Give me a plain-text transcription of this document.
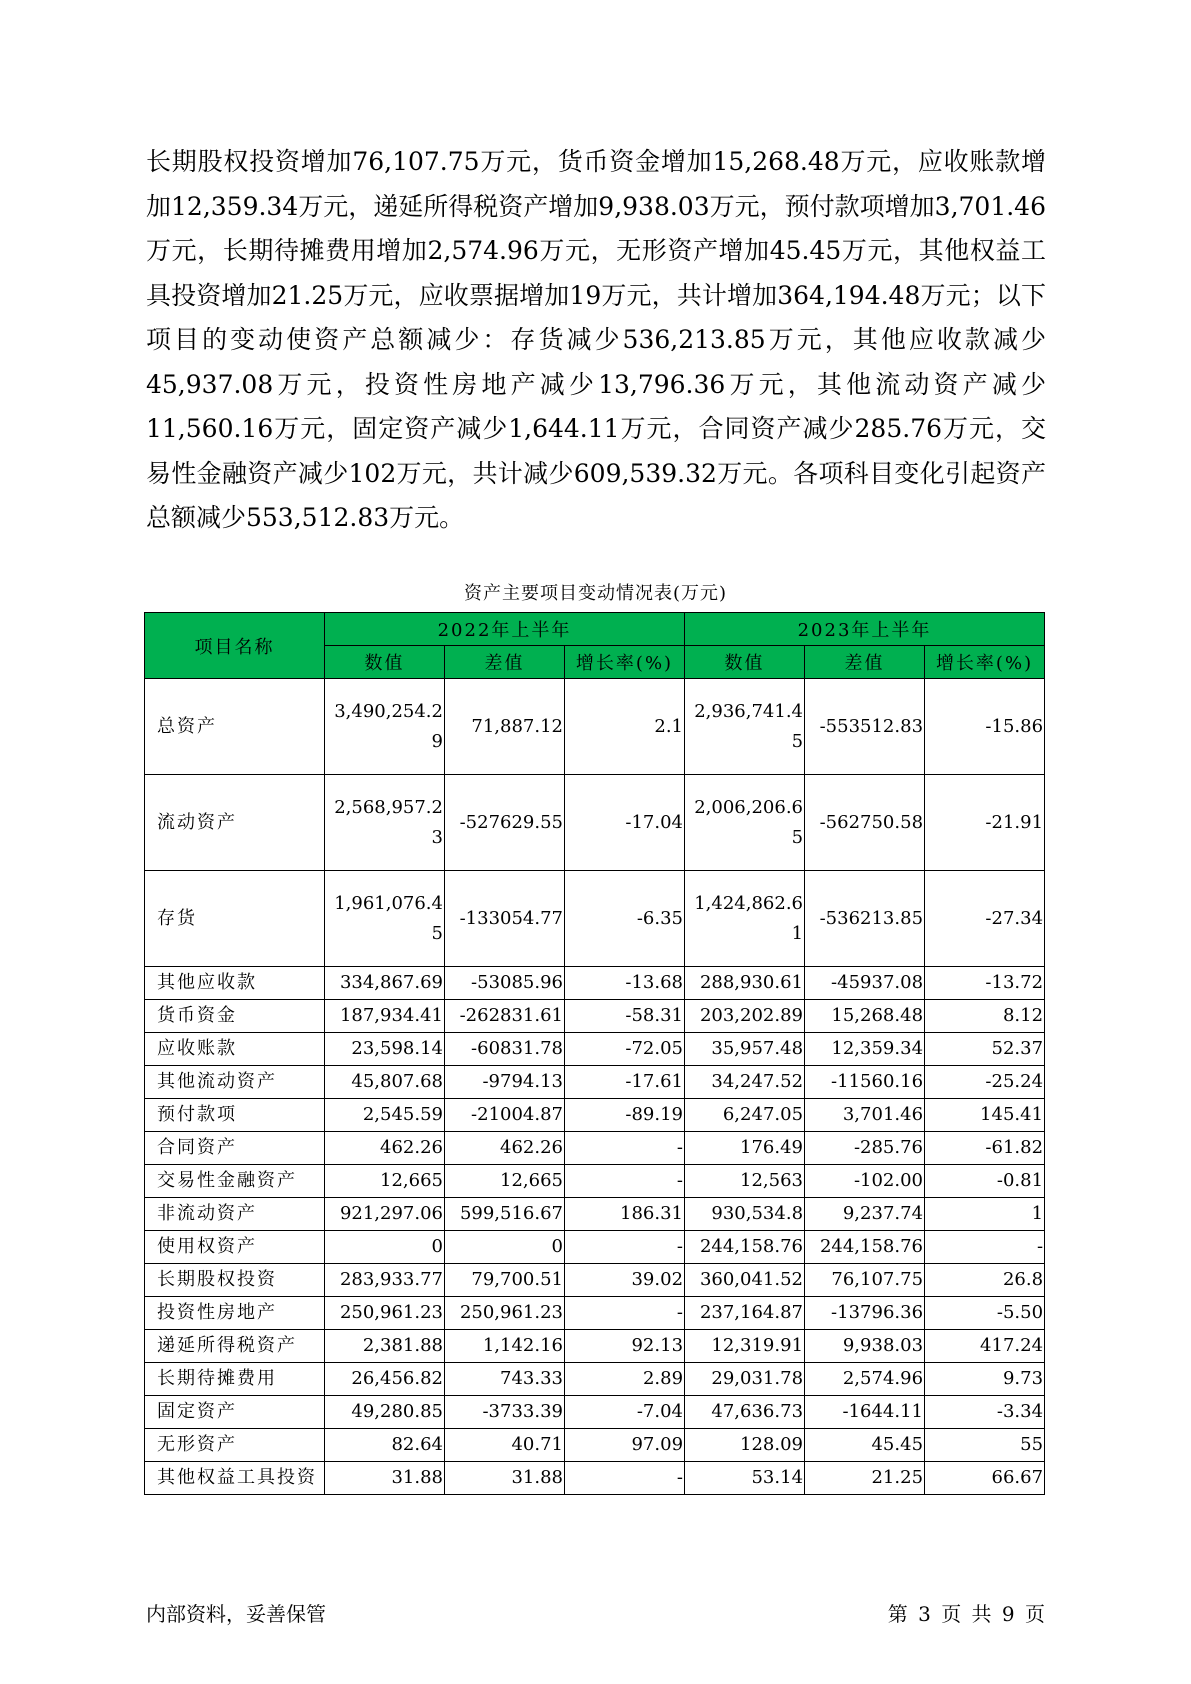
长期股权投资增加76,107.75万元，货币资金增加15,268.48万元，应收账款增加12,359.34万元，递延所得税资产增加9,938.03万元，预付款项增加3,701.46万元，长期待摊费用增加2,574.96万元，无形资产增加45.45万元，其他权益工具投资增加21.25万元，应收票据增加19万元，共计增加364,194.48万元；以下项目的变动使资产总额减少：存货减少536,213.85万元，其他应收款减少45,937.08万元，投资性房地产减少13,796.36万元，其他流动资产减少11,560.16万元，固定资产减少1,644.11万元，合同资产减少285.76万元，交易性金融资产减少102万元，共计减少609,539.32万元。各项科目变化引起资产总额减少553,512.83万元。

资产主要项目变动情况表(万元)
项目名称	2022年上半年			2023年上半年		
	数值	差值	增长率(%)	数值	差值	增长率(%)
总资产	3,490,254.29	71,887.12	2.1	2,936,741.45	-553512.83	-15.86
流动资产	2,568,957.23	-527629.55	-17.04	2,006,206.65	-562750.58	-21.91
存货	1,961,076.45	-133054.77	-6.35	1,424,862.61	-536213.85	-27.34
其他应收款	334,867.69	-53085.96	-13.68	288,930.61	-45937.08	-13.72
货币资金	187,934.41	-262831.61	-58.31	203,202.89	15,268.48	8.12
应收账款	23,598.14	-60831.78	-72.05	35,957.48	12,359.34	52.37
其他流动资产	45,807.68	-9794.13	-17.61	34,247.52	-11560.16	-25.24
预付款项	2,545.59	-21004.87	-89.19	6,247.05	3,701.46	145.41
合同资产	462.26	462.26	-	176.49	-285.76	-61.82
交易性金融资产	12,665	12,665	-	12,563	-102.00	-0.81
非流动资产	921,297.06	599,516.67	186.31	930,534.8	9,237.74	1
使用权资产	0	0	-	244,158.76	244,158.76	-
长期股权投资	283,933.77	79,700.51	39.02	360,041.52	76,107.75	26.8
投资性房地产	250,961.23	250,961.23	-	237,164.87	-13796.36	-5.50
递延所得税资产	2,381.88	1,142.16	92.13	12,319.91	9,938.03	417.24
长期待摊费用	26,456.82	743.33	2.89	29,031.78	2,574.96	9.73
固定资产	49,280.85	-3733.39	-7.04	47,636.73	-1644.11	-3.34
无形资产	82.64	40.71	97.09	128.09	45.45	55
其他权益工具投资	31.88	31.88	-	53.14	21.25	66.67
内部资料，妥善保管	第 3 页 共 9 页
